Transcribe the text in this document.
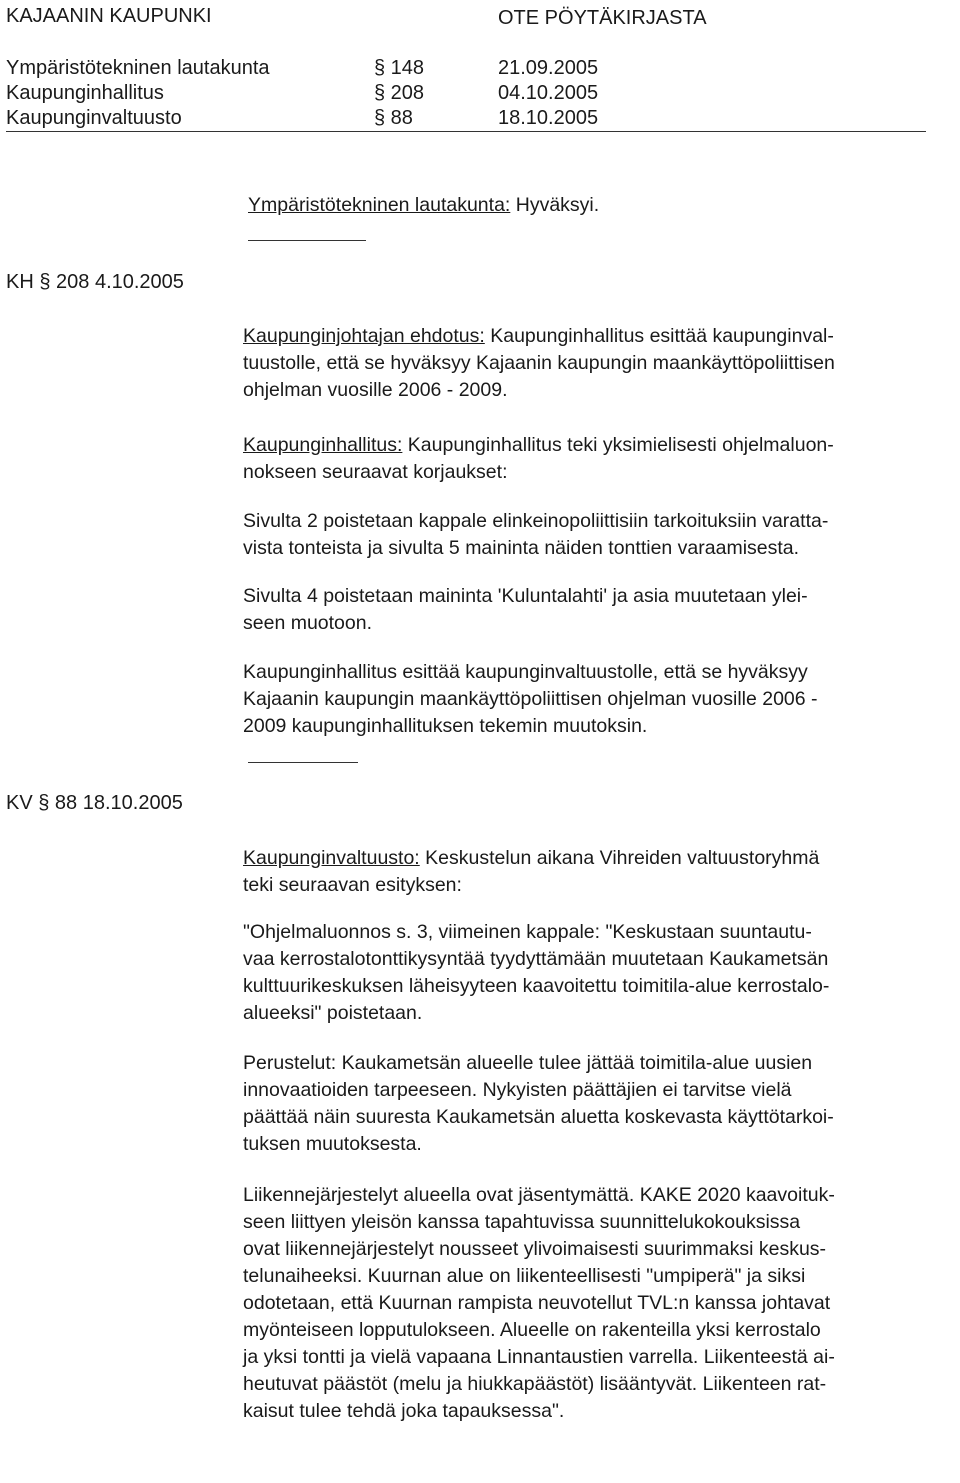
KAJAANIN KAUPUNKI	OTE PÖYTÄKIRJASTA

Ympäristötekninen lautakunta	§ 148	21.09.2005

Kaupunginhallitus	§ 208	04.10.2005

Kaupunginvaltuusto	§ 88	18.10.2005

Ympäristötekninen lautakunta: Hyväksyi.

KH § 208 4.10.2005

Kaupunginjohtajan ehdotus: Kaupunginhallitus esittää kaupunginval-

tuustolle, että se hyväksyy Kajaanin kaupungin maankäyttöpoliittisen

ohjelman vuosille 2006 - 2009.

Kaupunginhallitus: Kaupunginhallitus teki yksimielisesti ohjelmaluon-

nokseen seuraavat korjaukset:

Sivulta 2 poistetaan kappale elinkeinopoliittisiin tarkoituksiin varatta-

vista tonteista ja sivulta 5 maininta näiden tonttien varaamisesta.

Sivulta 4 poistetaan maininta 'Kuluntalahti' ja asia muutetaan ylei-

seen muotoon.

Kaupunginhallitus esittää kaupunginvaltuustolle, että se hyväksyy

Kajaanin kaupungin maankäyttöpoliittisen ohjelman vuosille 2006 -

2009 kaupunginhallituksen tekemin muutoksin.

KV § 88 18.10.2005

Kaupunginvaltuusto: Keskustelun aikana Vihreiden valtuustoryhmä

teki seuraavan esityksen:

"Ohjelmaluonnos s. 3, viimeinen kappale: "Keskustaan suuntautu-

vaa kerrostalotonttikysyntää tyydyttämään muutetaan Kaukametsän

kulttuurikeskuksen läheisyyteen kaavoitettu toimitila-alue kerrostalo-

alueeksi" poistetaan.

Perustelut: Kaukametsän alueelle tulee jättää toimitila-alue uusien

innovaatioiden tarpeeseen. Nykyisten päättäjien ei tarvitse vielä

päättää näin suuresta Kaukametsän aluetta koskevasta käyttötarkoi-

tuksen muutoksesta.

Liikennejärjestelyt alueella ovat jäsentymättä. KAKE 2020 kaavoituk-

seen liittyen yleisön kanssa tapahtuvissa suunnittelukokouksissa

ovat liikennejärjestelyt nousseet ylivoimaisesti suurimmaksi keskus-

telunaiheeksi. Kuurnan alue on liikenteellisesti "umpiperä" ja siksi

odotetaan, että Kuurnan rampista neuvotellut TVL:n kanssa johtavat

myönteiseen lopputulokseen. Alueelle on rakenteilla yksi kerrostalo

ja yksi tontti ja vielä vapaana Linnantaustien varrella. Liikenteestä ai-

heutuvat päästöt (melu ja hiukkapäästöt) lisääntyvät. Liikenteen rat-

kaisut tulee tehdä joka tapauksessa".
